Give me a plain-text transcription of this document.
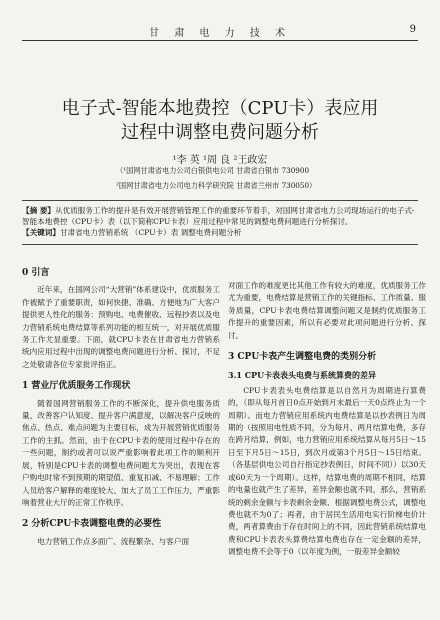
甘 肃 电 力 技 术	9
电子式-智能本地费控（CPU卡）表应用
过程中调整电费问题分析
¹李 英 ¹周 良 ²王政宏
（¹国网甘肃省电力公司白银供电公司 甘肃省白银市 730900
²国网甘肃省电力公司电力科学研究院 甘肃省兰州市 730050）
【摘 要】从优质服务工作的提升是有效开展营销管理工作的重要环节着手，对国网甘肃省电力公司现场运行的电子式-智能本地费控（CPU卡）表（以下简称CPU卡表）应用过程中常见的调整电费问题进行分析探讨。
【关键词】甘肃省电力营销系统 （CPU卡）表 调整电费问题分析
0 引言

近年来，在国网公司“大营销”体系建设中，优质服务工作被赋予了重要职责，如何快捷、准确、方便地为广大客户提供更人性化的服务：预购电、电费催收、远程抄表以及电力营销系统电费结算等系列功能的相互统一，对开展优质服务工作尤显重要。下面，就CPU卡表在甘肃省电力营销系统内应用过程中出现的调整电费问题进行分析、探讨，不足之处敬请各位专家批评指正。

1 营业厅优质服务工作现状

随着国网营销服务工作的不断深化，提升供电服务质量、改善客户认知度、提升客户满意度，以解决客户反映的焦点、热点、难点问题为主要目标，成为开展营销优质服务工作的主抓。然而，由于在CPU卡表的使用过程中存在的一些问题，制约或者可以说严重影响着此项工作的顺利开展，特别是CPU卡表的调整电费问题尤为突出，表现在客户购电时常不到预期的期望值、重复扣减、不易理解；工作人员给客户解释的难度较大、加大了员工工作压力，严重影响着营业大厅的正常工作秩序。

2 分析CPU卡表调整电费的必要性

电力营销工作点多面广、流程繁杂、与客户面

对面工作的难度更比其他工作有较大的难度，优质服务工作尤为重要，电费结算是营销工作的关键指标、工作质量、服务质量，CPU卡表电费结算调整问题又是制约优质服务工作提升的重要因素，所以有必要对此项问题进行分析、探讨。

3 CPU卡表产生调整电费的类别分析
3.1 CPU卡表表头电费与系统算费的差异

CPU卡表表头电费结算是以自然月为周期进行算费的，（即从每月首日0点开始到月末最后一天0点终止为一个周期）。而电力营销应用系统内电费结算是以抄表例日为周期的（按照用电性质不同，分为每月、两月结算电费，多存在跨月结算，例如，电力营销应用系统结算从每月5日～15日至下月5日～15日，到次月或第3个月5日～15日结束。（各基层供电公司自行指定抄表例日，时间不同））以30天或60天为一个周期）。这样，结算电费的周期不相同，结算的电量也就产生了差异，差异金额也就不同，那么，营销系统的剩余金额与卡表剩余金额、根据调整电费公式，调整电费也就不为0了；再者，由于居民生活用电实行阶梯电价计费，两者算费由于存在时间上的不同，因此营销系统结算电费和CPU卡表表头算费结算电费也存在一定金额的差异，调整电费不会等于0（以年度为例，一般差异金额较
